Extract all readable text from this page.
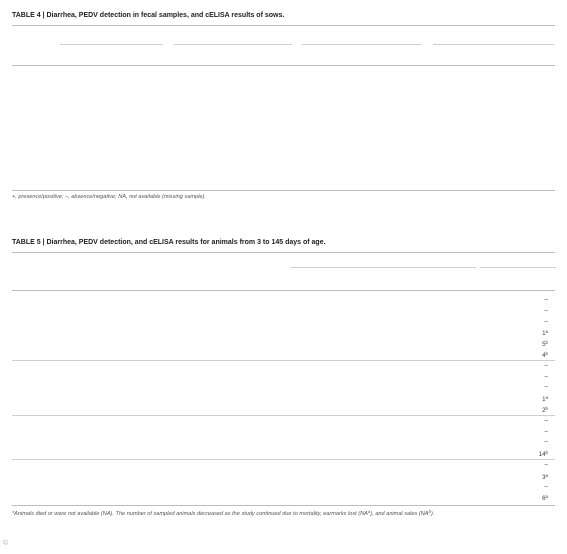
TABLE 4 | Diarrhea, PEDV detection in fecal samples, and cELISA results of sows.
+, presence/positive; –, absence/negative; NA, not available (missing sample).
TABLE 5 | Diarrhea, PEDV detection, and cELISA results for animals from 3 to 145 days of age.
–
–
–
1$^a$
5$^b$
4$^b$
–
–
–
1$^a$
2$^b$
–
–
–
14$^b$
–
3$^a$
–
6$^a$
*Animals died or were not available (NA). The number of sampled animals decreased as the study continued due to mortality, earmarks lost $(NA^a)$, and animal sales $(NA^b)$.
©
